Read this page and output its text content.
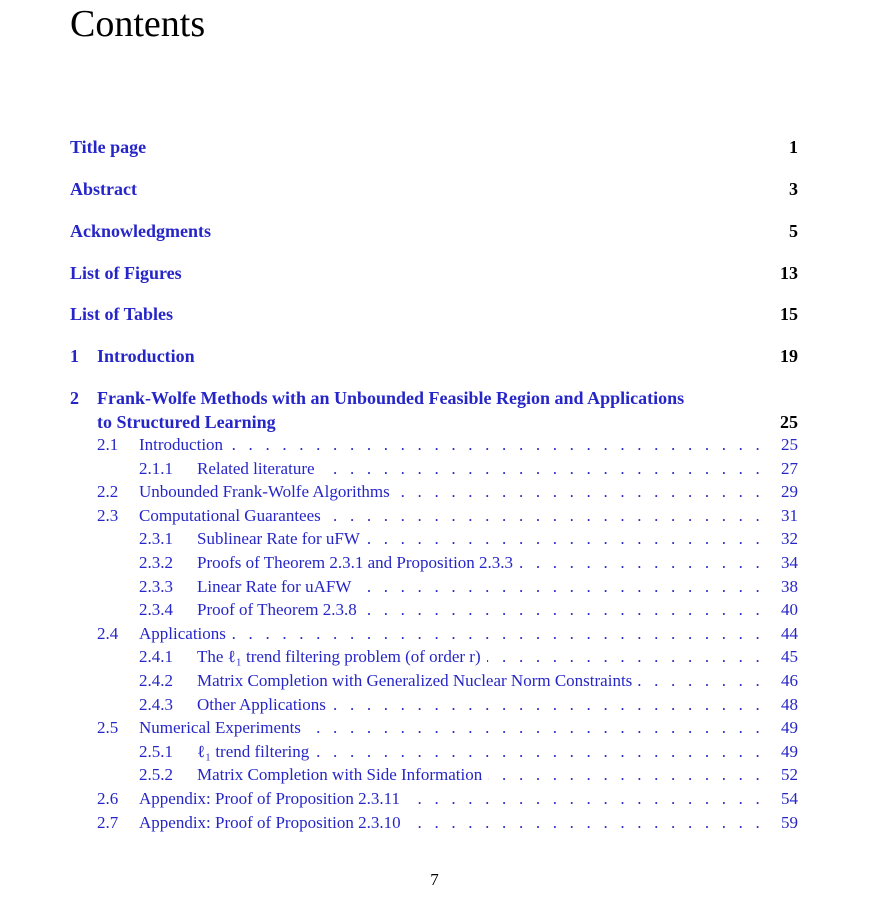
Contents
Title page	1
Abstract	3
Acknowledgments	5
List of Figures	13
List of Tables	15
1 Introduction	19
2 Frank-Wolfe Methods with an Unbounded Feasible Region and Applications
to Structured Learning	25
2.1 . . . Introduction	25
2.1.1 . . . Related literature	27
2.2 . . . Unbounded Frank-Wolfe Algorithms	29
2.3 . . . Computational Guarantees	31
2.3.1 . . . Sublinear Rate for uFW	32
2.3.2 . . . Proofs of Theorem 2.3.1 and Proposition 2.3.3	34
2.3.3 . . . Linear Rate for uAFW	38
2.3.4 . . . Proof of Theorem 2.3.8	40
2.4 . . . Applications	44
2.4.1 . . . The ℓ₁ trend filtering problem (of order r)	45
2.4.2 . . . Matrix Completion with Generalized Nuclear Norm Constraints	46
2.4.3 . . . Other Applications	48
2.5 . . . Numerical Experiments	49
2.5.1 . . . ℓ₁ trend filtering	49
2.5.2 . . . Matrix Completion with Side Information	52
2.6 . . . Appendix: Proof of Proposition 2.3.11	54
2.7 . . . Appendix: Proof of Proposition 2.3.10	59
7
